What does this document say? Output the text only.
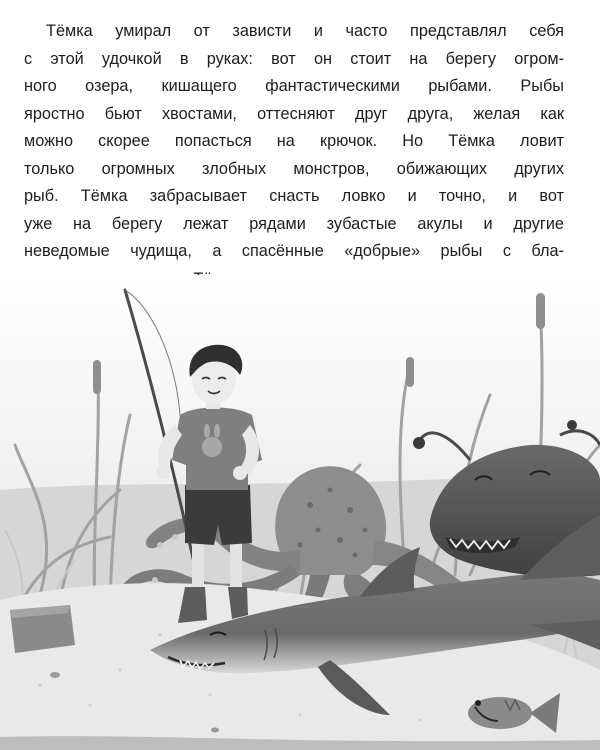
Тёмка умирал от зависти и часто представлял себя
с этой удочкой в руках: вот он стоит на берегу огром-
ного озера, кишащего фантастическими рыбами. Рыбы
яростно бьют хвостами, оттесняют друг друга, желая как
можно скорее попасться на крючок. Но Тёмка ловит
только огромных злобных монстров, обижающих других
рыб. Тёмка забрасывает снасть ловко и точно, и вот
уже на берегу лежат рядами зубастые акулы и другие
неведомые чудища, а спасённые «добрые» рыбы с бла-
